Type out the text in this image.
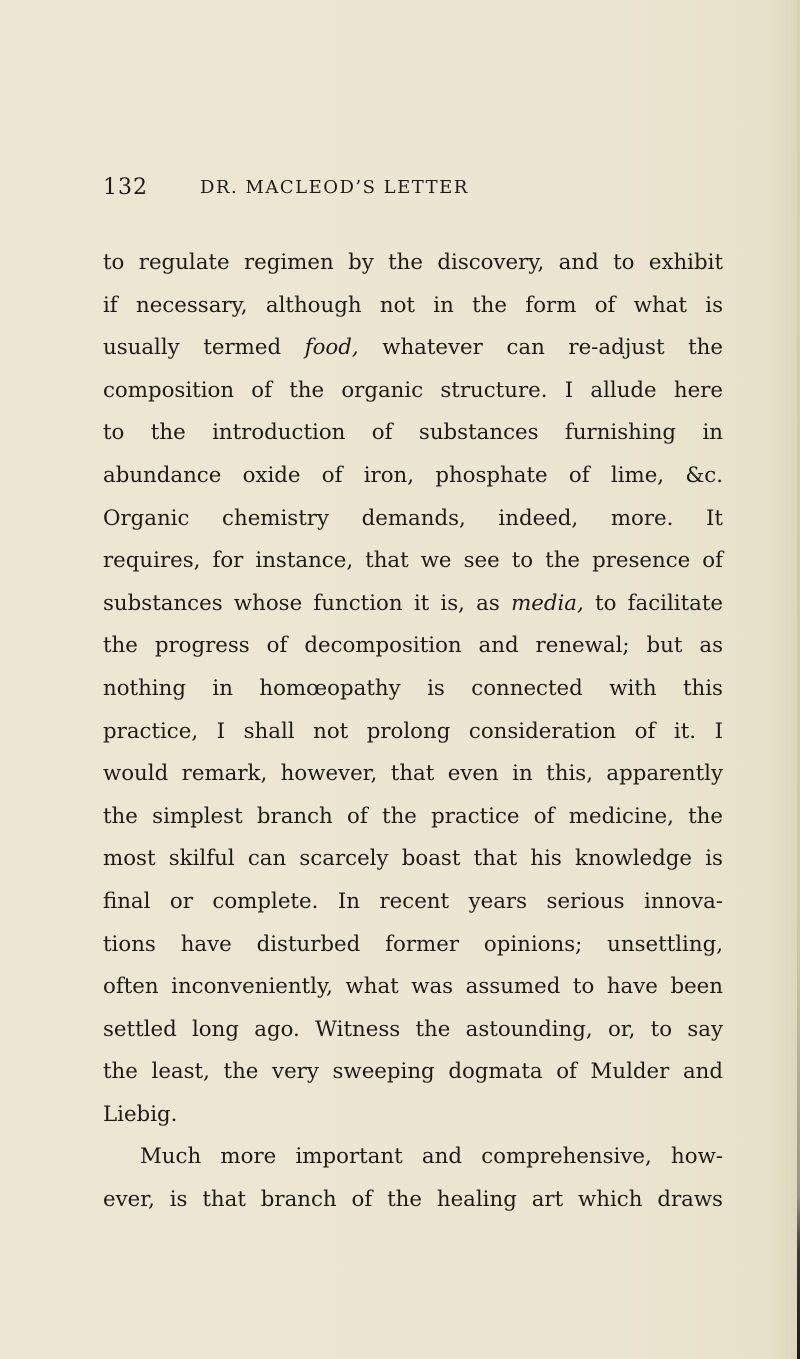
132	DR. MACLEOD’S LETTER
to regulate regimen by the discovery, and to exhibit
if necessary, although not in the form of what is
usually termed food, whatever can re-adjust the
composition of the organic structure. I allude here
to the introduction of substances furnishing in
abundance oxide of iron, phosphate of lime, &c.
Organic chemistry demands, indeed, more. It
requires, for instance, that we see to the presence of
substances whose function it is, as media, to facilitate
the progress of decomposition and renewal; but as
nothing in homœopathy is connected with this
practice, I shall not prolong consideration of it. I
would remark, however, that even in this, apparently
the simplest branch of the practice of medicine, the
most skilful can scarcely boast that his knowledge is
final or complete. In recent years serious innova-
tions have disturbed former opinions; unsettling,
often inconveniently, what was assumed to have been
settled long ago. Witness the astounding, or, to say
the least, the very sweeping dogmata of Mulder and
Liebig.
Much more important and comprehensive, how-
ever, is that branch of the healing art which draws
